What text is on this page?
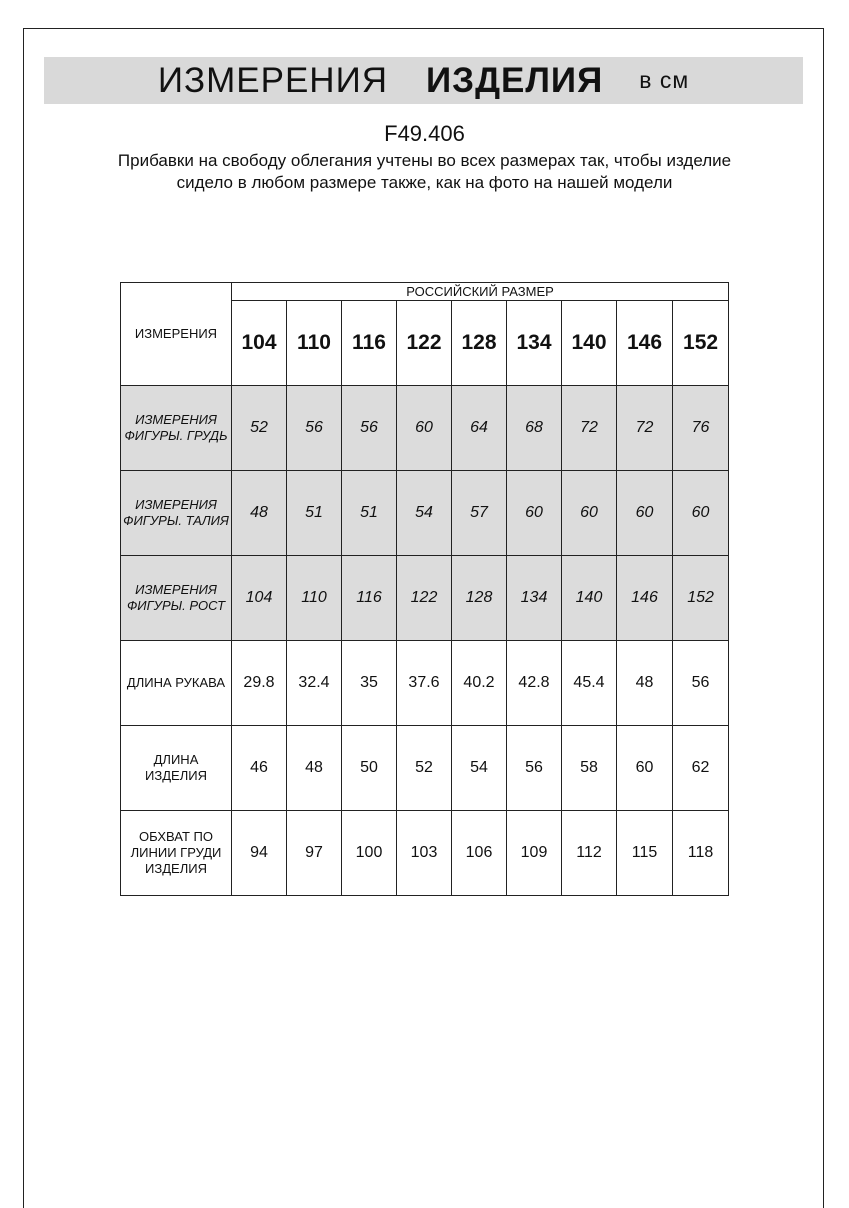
ИЗМЕРЕНИЯ ИЗДЕЛИЯ в см
F49.406
Прибавки на свободу облегания учтены во всех размерах так, чтобы изделие сидело в любом размере также, как на фото на нашей модели
ИЗМЕРЕНИЯ	РОССИЙСКИЙ РАЗМЕР								
	104	110	116	122	128	134	140	146	152
ИЗМЕРЕНИЯ ФИГУРЫ. ГРУДЬ	52	56	56	60	64	68	72	72	76
ИЗМЕРЕНИЯ ФИГУРЫ. ТАЛИЯ	48	51	51	54	57	60	60	60	60
ИЗМЕРЕНИЯ ФИГУРЫ. РОСТ	104	110	116	122	128	134	140	146	152
ДЛИНА РУКАВА	29.8	32.4	35	37.6	40.2	42.8	45.4	48	56
ДЛИНА ИЗДЕЛИЯ	46	48	50	52	54	56	58	60	62
ОБХВАТ ПО ЛИНИИ ГРУДИ ИЗДЕЛИЯ	94	97	100	103	106	109	112	115	118
